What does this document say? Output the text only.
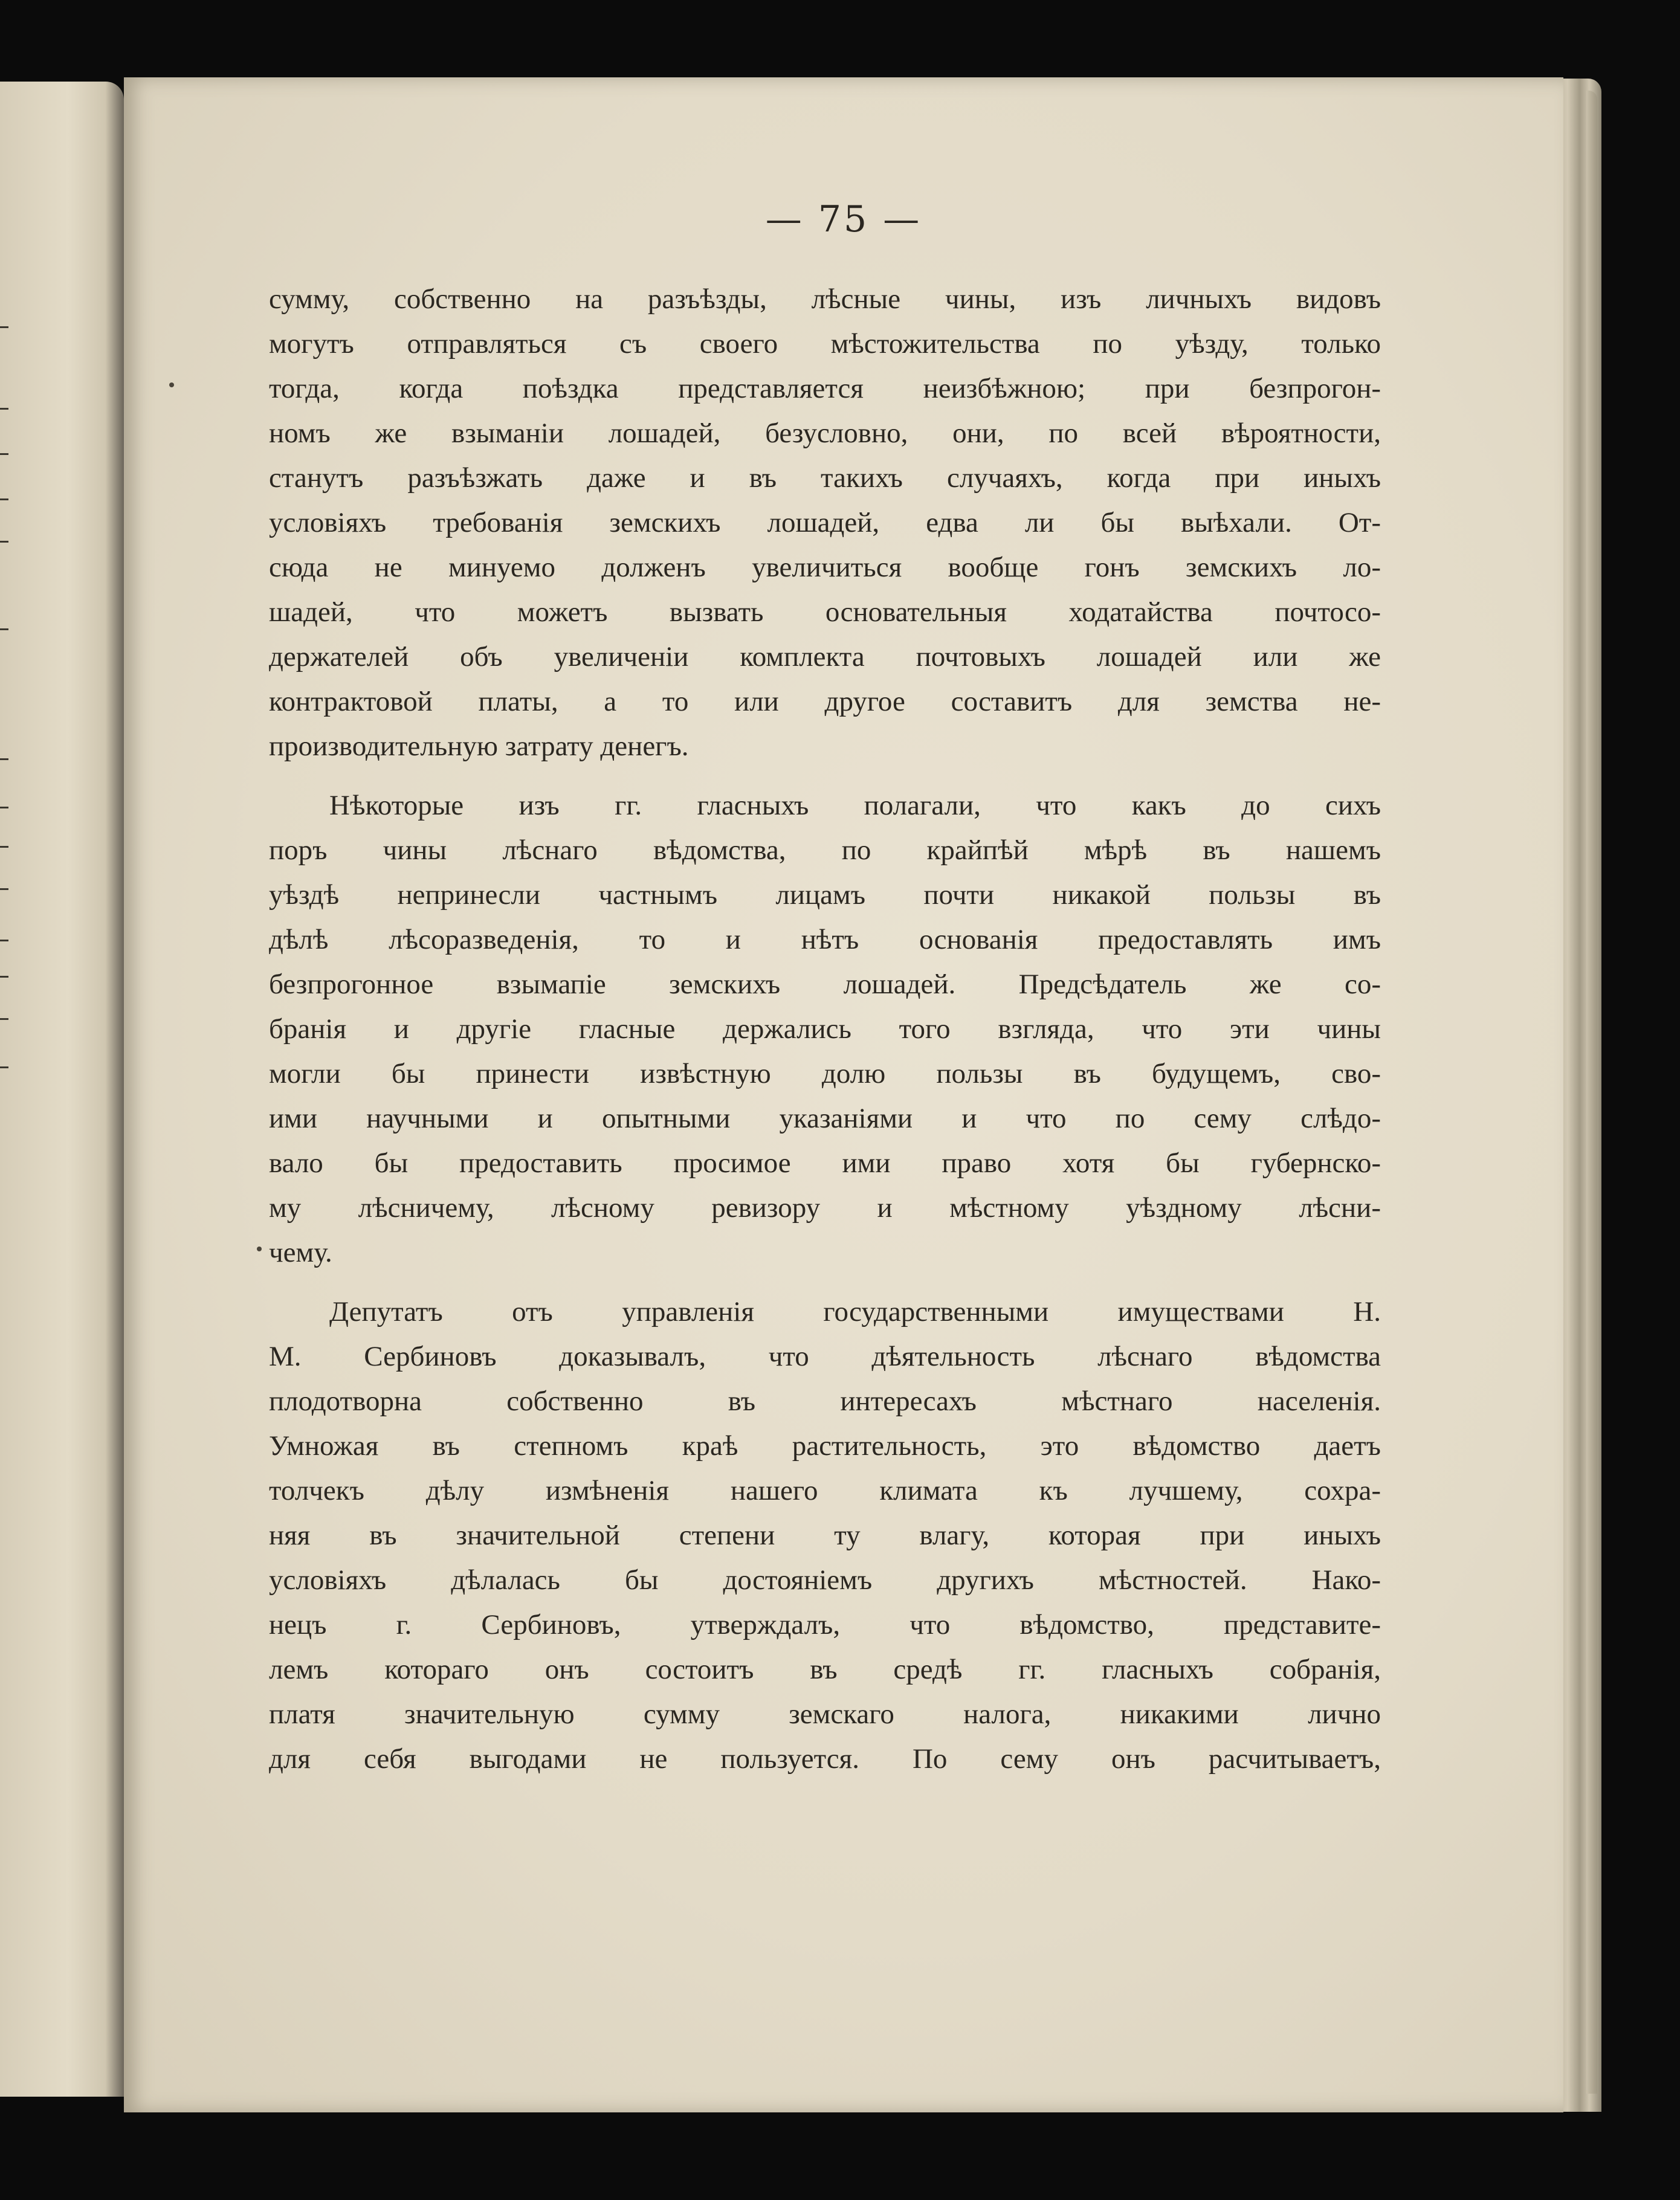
— 75 —
сумму, собственно на разъѣзды, лѣсные чины, изъ личныхъ видовъ
могутъ отправляться съ своего мѣстожительства по уѣзду, только
тогда, когда поѣздка представляется неизбѣжною; при безпрогон-
номъ же взыманіи лошадей, безусловно, они, по всей вѣроятности,
станутъ разъѣзжать даже и въ такихъ случаяхъ, когда при иныхъ
условіяхъ требованія земскихъ лошадей, едва ли бы выѣхали. От-
сюда не минуемо долженъ увеличиться вообще гонъ земскихъ ло-
шадей, что можетъ вызвать основательныя ходатайства почтосо-
держателей объ увеличеніи комплекта почтовыхъ лошадей или же
контрактовой платы, а то или другое составитъ для земства не-
производительную затрату денегъ.
Нѣкоторые изъ гг. гласныхъ полагали, что какъ до сихъ
поръ чины лѣснаго вѣдомства, по крайпѣй мѣрѣ въ нашемъ
уѣздѣ непринесли частнымъ лицамъ почти никакой пользы въ
дѣлѣ лѣсоразведенія, то и нѣтъ основанія предоставлять имъ
безпрогонное взымапіе земскихъ лошадей. Предсѣдатель же со-
бранія и другіе гласные держались того взгляда, что эти чины
могли бы принести извѣстную долю пользы въ будущемъ, сво-
ими научными и опытными указаніями и что по сему слѣдо-
вало бы предоставить просимое ими право хотя бы губернско-
му лѣсничему, лѣсному ревизору и мѣстному уѣздному лѣсни-
чему.
Депутатъ отъ управленія государственными имуществами Н.
М. Сербиновъ доказывалъ, что дѣятельность лѣснаго вѣдомства
плодотворна собственно въ интересахъ мѣстнаго населенія.
Умножая въ степномъ краѣ растительность, это вѣдомство даетъ
толчекъ дѣлу измѣненія нашего климата къ лучшему, сохра-
няя въ значительной степени ту влагу, которая при иныхъ
условіяхъ дѣлалась бы достояніемъ другихъ мѣстностей. Нако-
нецъ г. Сербиновъ, утверждалъ, что вѣдомство, представите-
лемъ котораго онъ состоитъ въ средѣ гг. гласныхъ собранія,
платя значительную сумму земскаго налога, никакими лично
для себя выгодами не пользуется. По сему онъ расчитываетъ,
